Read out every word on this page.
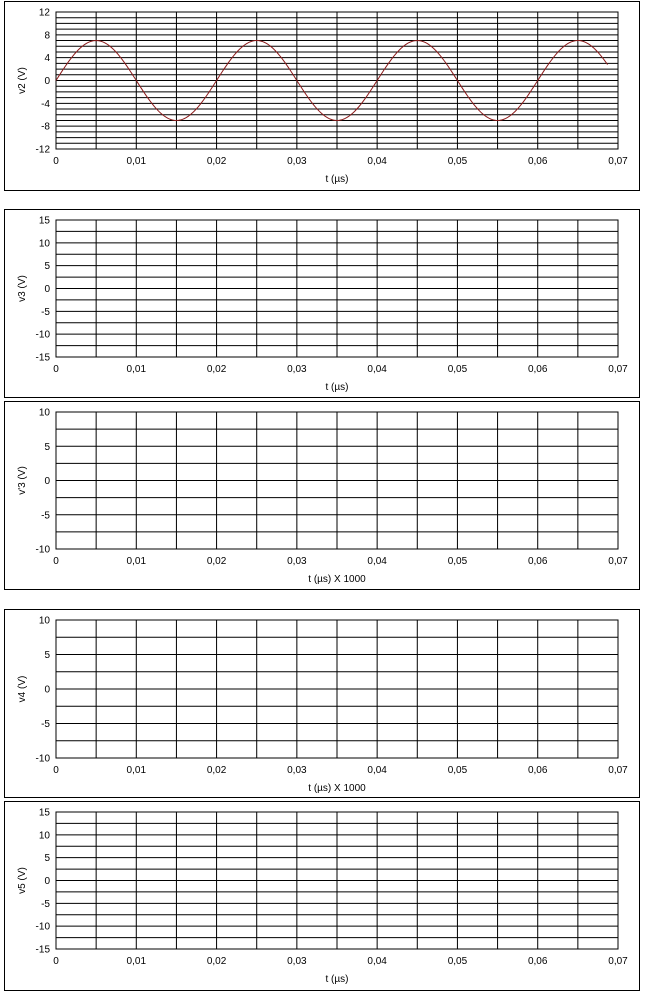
0	0,01	0,02	0,03	0,04	0,05	0,06	0,07
12
8
4
0
-4
-8
-12
t (µs)
v2 (V)
0	0,01	0,02	0,03	0,04	0,05	0,06	0,07
15
10
5
0
-5
-10
-15
t (µs)
v3 (V)
0	0,01	0,02	0,03	0,04	0,05	0,06	0,07
10
5
0
-5
-10
t (µs) X 1000
v'3 (V)
0	0,01	0,02	0,03	0,04	0,05	0,06	0,07
10
5
0
-5
-10
t (µs) X 1000
v4 (V)
0	0,01	0,02	0,03	0,04	0,05	0,06	0,07
15
10
5
0
-5
-10
-15
t (µs)
v5 (V)
